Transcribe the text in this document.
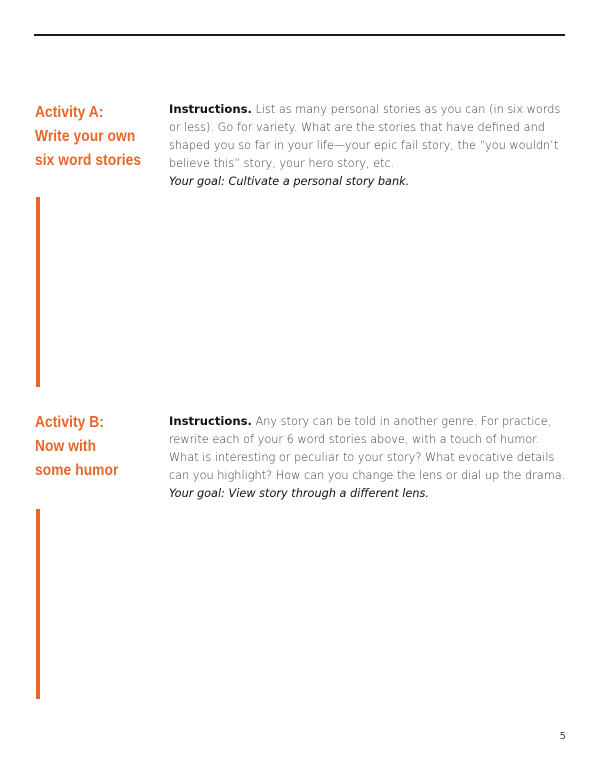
Activity A:
Write your own
six word stories
Instructions. List as many personal stories as you can (in six words or less). Go for variety. What are the stories that have defined and shaped you so far in your life—your epic fail story, the “you wouldn’t believe this” story, your hero story, etc.
Your goal: Cultivate a personal story bank.
Activity B:
Now with
some humor
Instructions. Any story can be told in another genre. For practice, rewrite each of your 6 word stories above, with a touch of humor. What is interesting or peculiar to your story? What evocative details can you highlight? How can you change the lens or dial up the drama.
Your goal: View story through a different lens.
5
